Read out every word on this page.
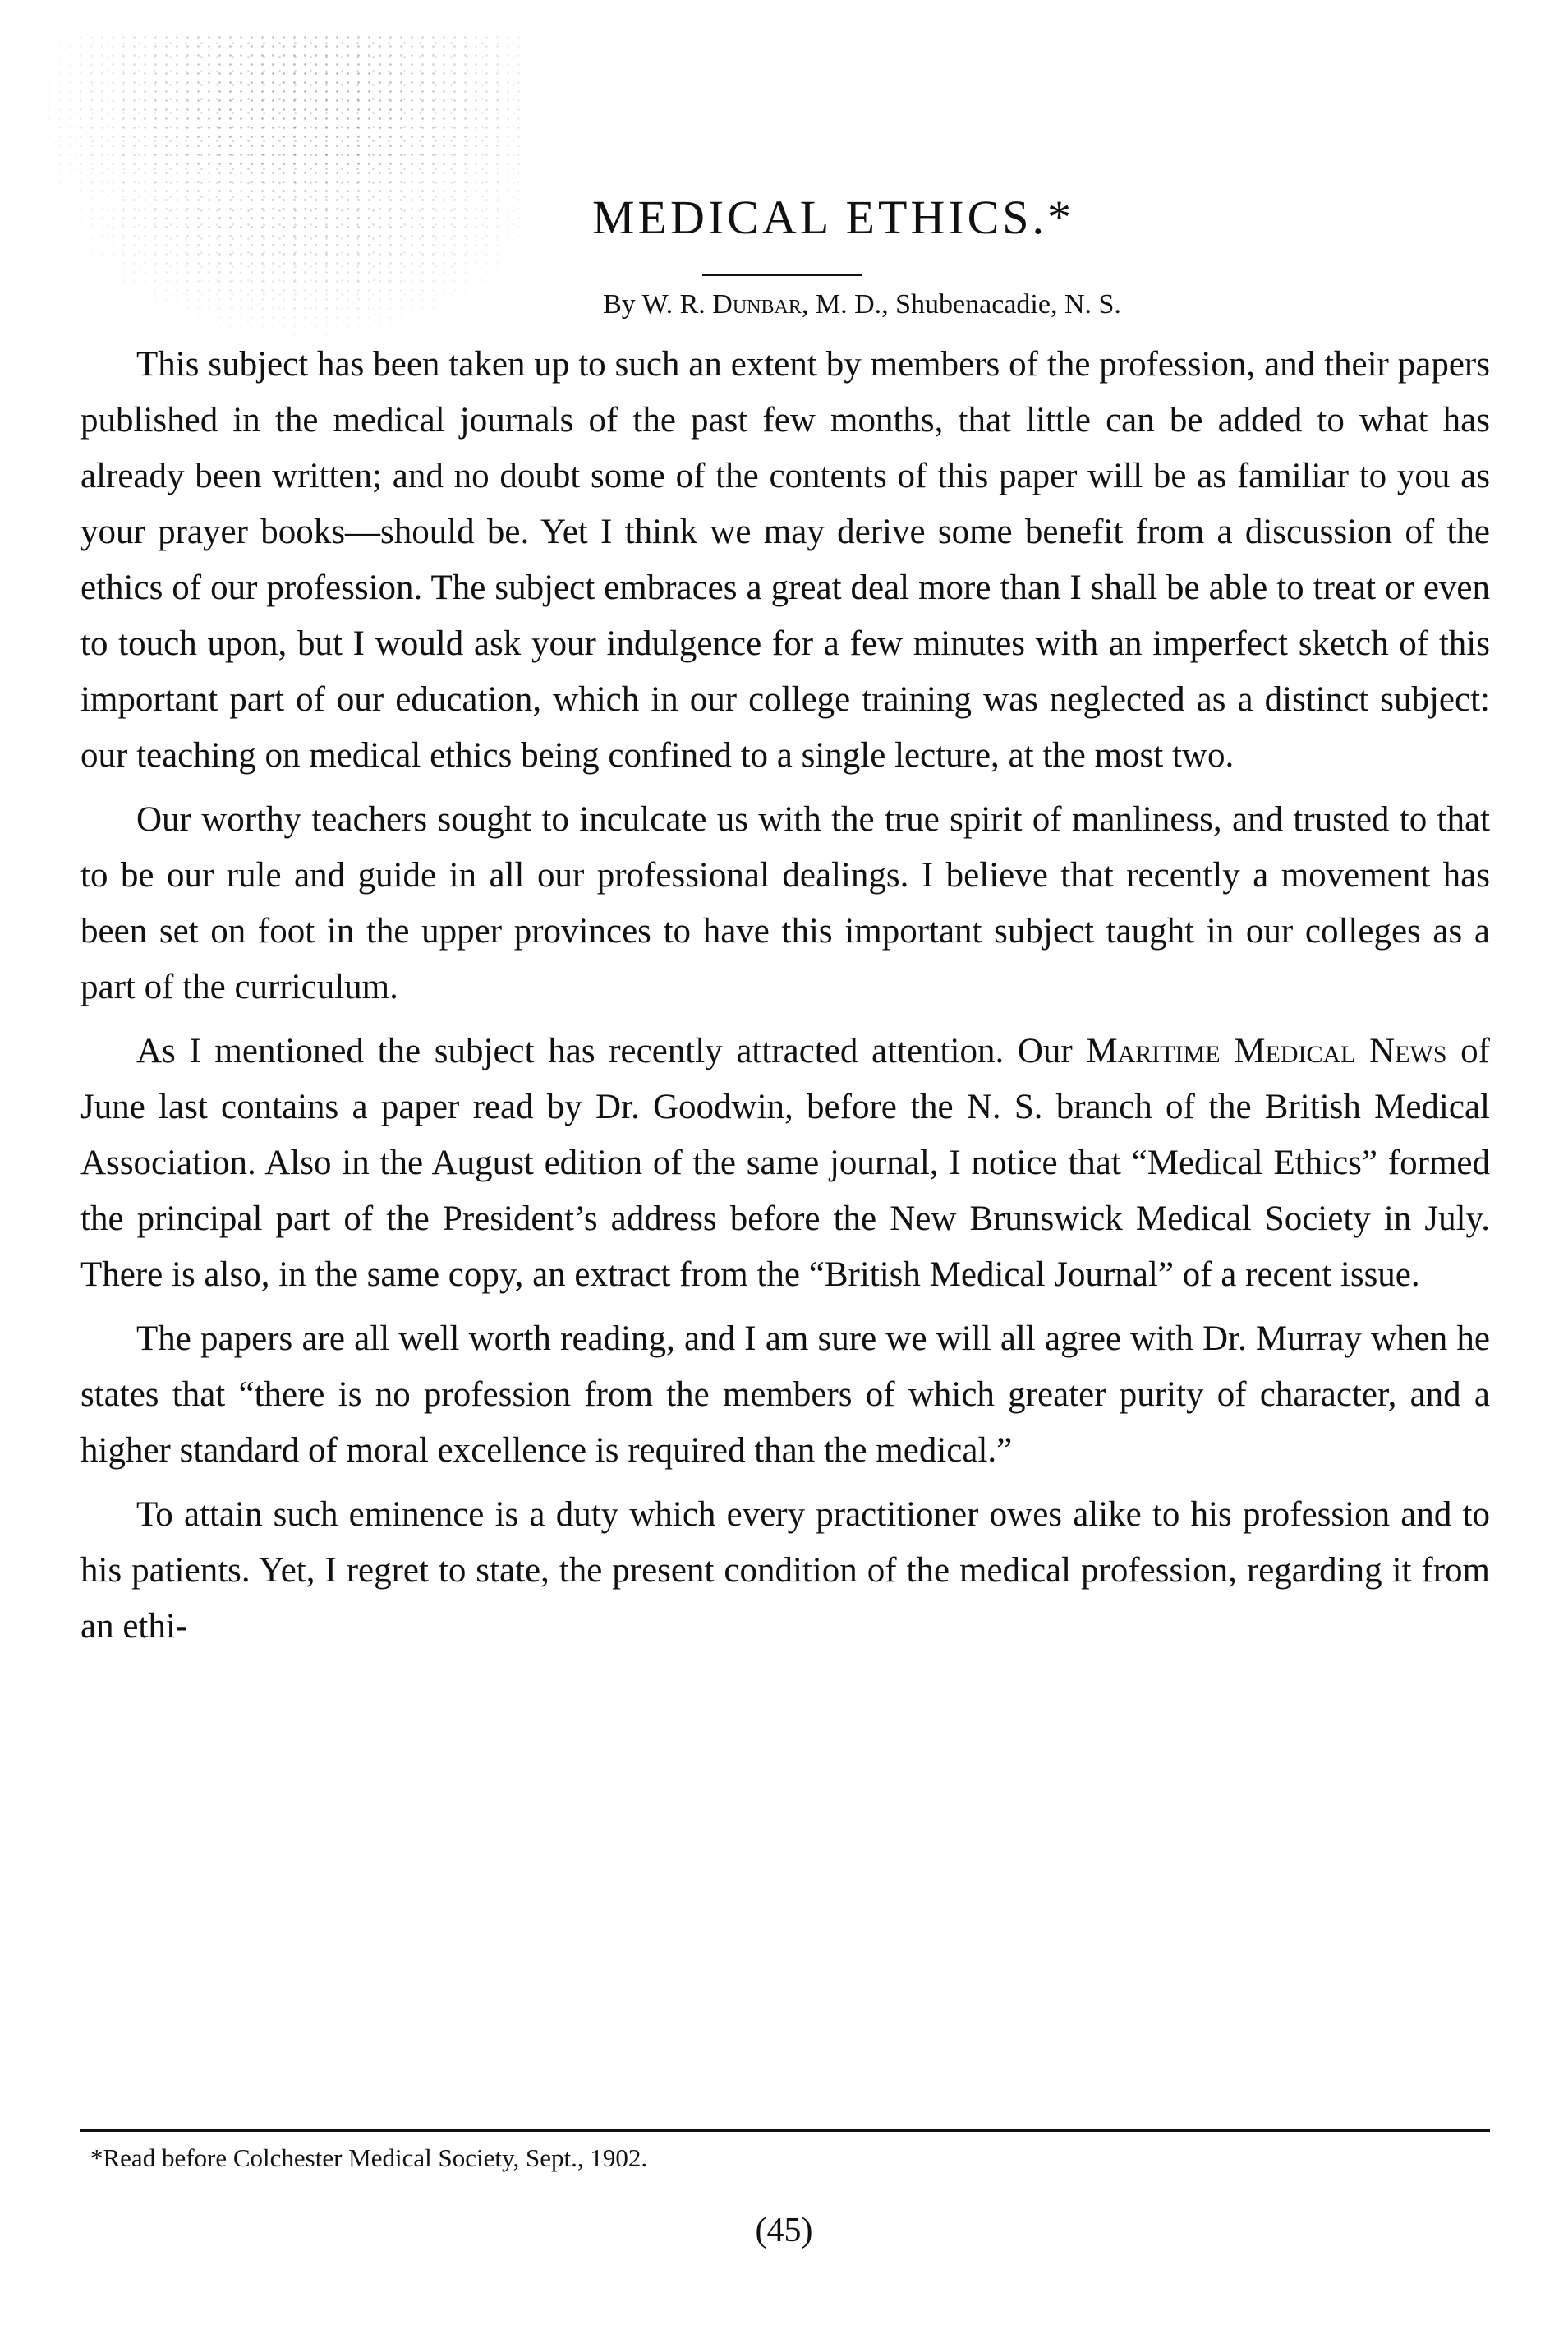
MEDICAL ETHICS.*
By W. R. Dunbar, M. D., Shubenacadie, N. S.

This subject has been taken up to such an extent by members of the profession, and their papers published in the medical journals of the past few months, that little can be added to what has already been written; and no doubt some of the contents of this paper will be as familiar to you as your prayer books—should be. Yet I think we may derive some benefit from a discussion of the ethics of our profession. The subject embraces a great deal more than I shall be able to treat or even to touch upon, but I would ask your indulgence for a few minutes with an imperfect sketch of this important part of our education, which in our college training was neglected as a distinct subject: our teaching on medical ethics being confined to a single lecture, at the most two.

Our worthy teachers sought to inculcate us with the true spirit of manliness, and trusted to that to be our rule and guide in all our professional dealings. I believe that recently a movement has been set on foot in the upper provinces to have this important subject taught in our colleges as a part of the curriculum.

As I mentioned the subject has recently attracted attention. Our Maritime Medical News of June last contains a paper read by Dr. Goodwin, before the N. S. branch of the British Medical Association. Also in the August edition of the same journal, I notice that “Medical Ethics” formed the principal part of the President’s address before the New Brunswick Medical Society in July. There is also, in the same copy, an extract from the “British Medical Journal” of a recent issue.

The papers are all well worth reading, and I am sure we will all agree with Dr. Murray when he states that “there is no profession from the members of which greater purity of character, and a higher standard of moral excellence is required than the medical.”

To attain such eminence is a duty which every practitioner owes alike to his profession and to his patients. Yet, I regret to state, the present condition of the medical profession, regarding it from an ethi-

*Read before Colchester Medical Society, Sept., 1902.
(45)
